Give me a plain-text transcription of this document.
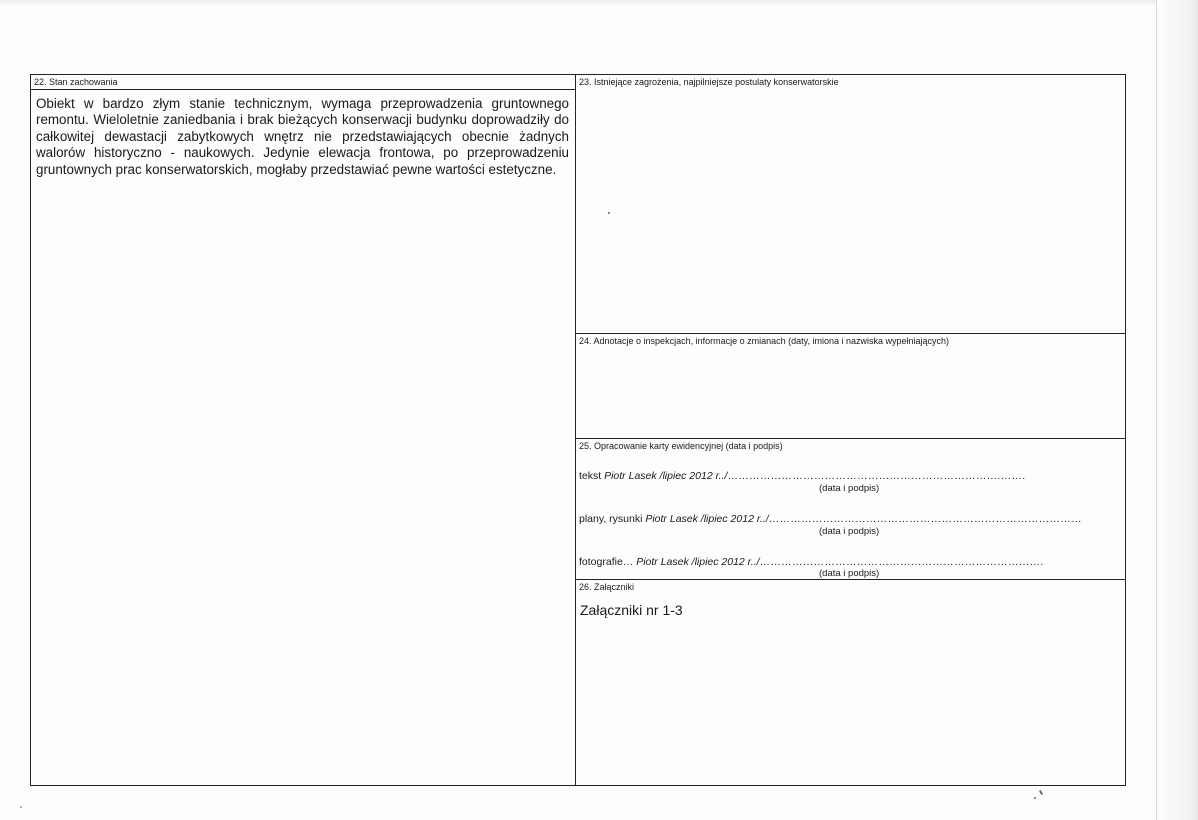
22. Stan zachowania
Obiekt w bardzo złym stanie technicznym, wymaga przeprowadzenia gruntownego remontu. Wieloletnie zaniedbania i brak bieżących konserwacji budynku doprowadziły do całkowitej dewastacji zabytkowych wnętrz nie przedstawiających obecnie żadnych walorów historyczno - naukowych. Jedynie elewacja frontowa, po przeprowadzeniu gruntownych prac konserwatorskich, mogłaby przedstawiać pewne wartości estetyczne.
23. Istniejące zagrożenia, najpilniejsze postulaty konserwatorskie
24. Adnotacje o inspekcjach, informacje o zmianach (daty, imiona i nazwiska wypełniających)
25. Opracowanie karty ewidencyjnej (data i podpis)
tekst Piotr Lasek /lipiec 2012 r../………………………………………………………………….…….
(data i podpis)
plany, rysunki Piotr Lasek /lipiec 2012 r../……………………………………………………………………………
(data i podpis)
fotografie… Piotr Lasek /lipiec 2012 r../…………………………………………………………………….
(data i podpis)
26. Załączniki
Załączniki nr 1-3
